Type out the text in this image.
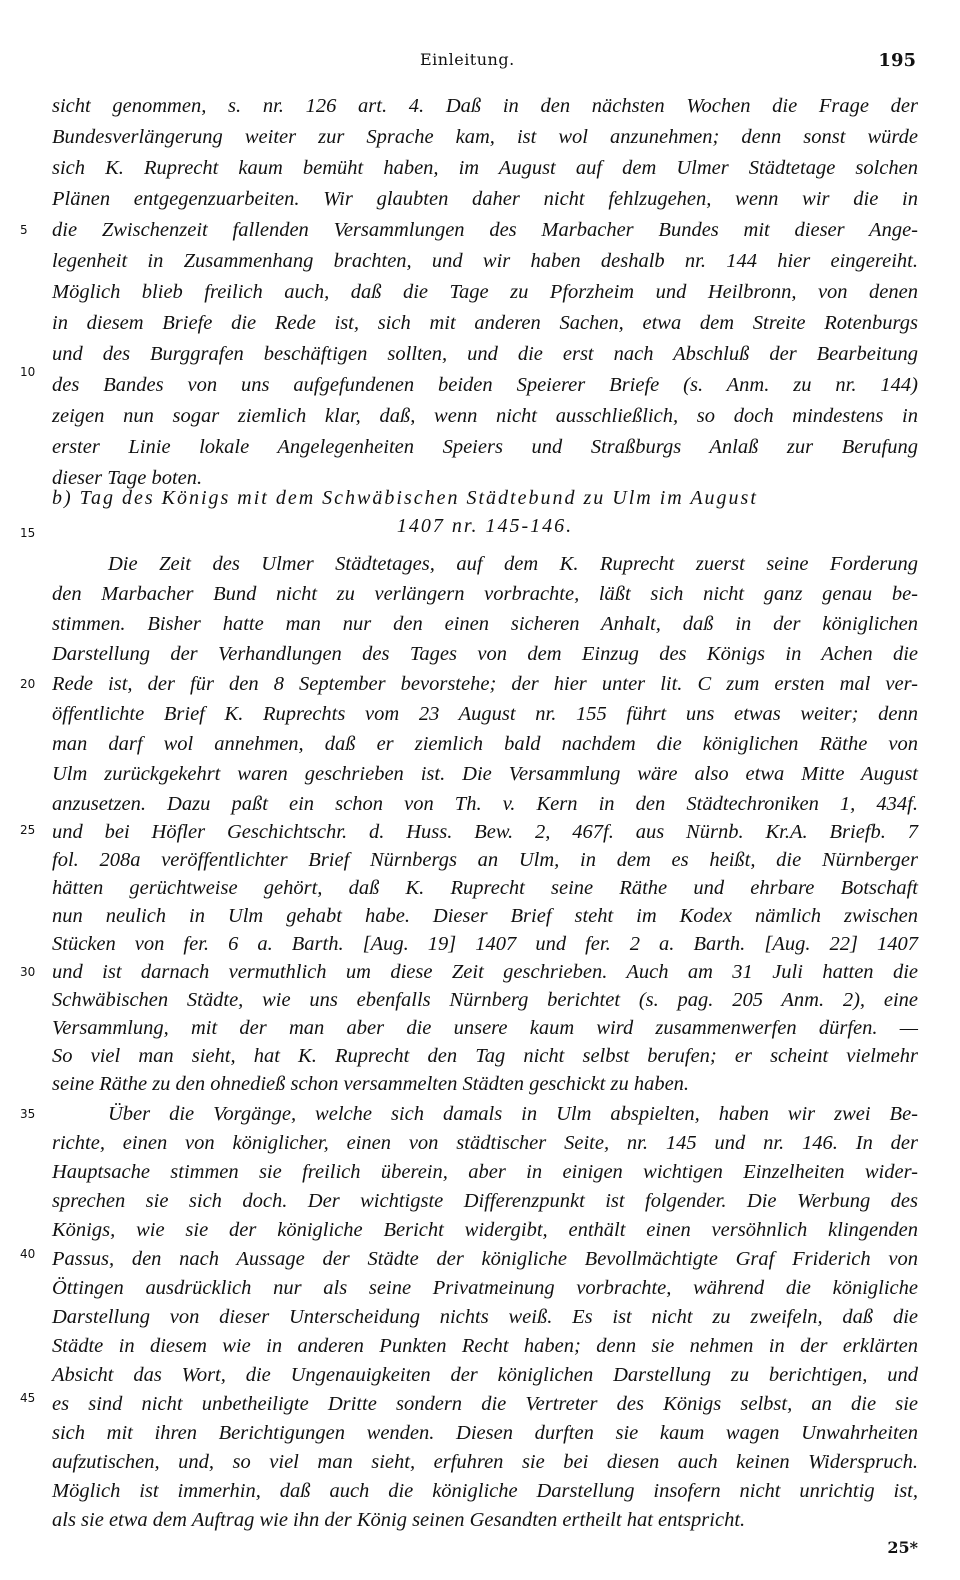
Einleitung.	195
5
10
15
20
25
30
35
40
45
sicht genommen, s. nr. 126 art. 4. Daß in den nächsten Wochen die Frage der
Bundesverlängerung weiter zur Sprache kam, ist wol anzunehmen; denn sonst würde
sich K. Ruprecht kaum bemüht haben, im August auf dem Ulmer Städtetage solchen
Plänen entgegenzuarbeiten. Wir glaubten daher nicht fehlzugehen, wenn wir die in
die Zwischenzeit fallenden Versammlungen des Marbacher Bundes mit dieser Ange-
legenheit in Zusammenhang brachten, und wir haben deshalb nr. 144 hier eingereiht.
Möglich blieb freilich auch, daß die Tage zu Pforzheim und Heilbronn, von denen
in diesem Briefe die Rede ist, sich mit anderen Sachen, etwa dem Streite Rotenburgs
und des Burggrafen beschäftigen sollten, und die erst nach Abschluß der Bearbeitung
des Bandes von uns aufgefundenen beiden Speierer Briefe (s. Anm. zu nr. 144)
zeigen nun sogar ziemlich klar, daß, wenn nicht ausschließlich, so doch mindestens in
erster Linie lokale Angelegenheiten Speiers und Straßburgs Anlaß zur Berufung
dieser Tage boten.
b) Tag des Königs mit dem Schwäbischen Städtebund zu Ulm im August
1407 nr. 145-146.
Die Zeit des Ulmer Städtetages, auf dem K. Ruprecht zuerst seine Forderung
den Marbacher Bund nicht zu verlängern vorbrachte, läßt sich nicht ganz genau be-
stimmen. Bisher hatte man nur den einen sicheren Anhalt, daß in der königlichen
Darstellung der Verhandlungen des Tages von dem Einzug des Königs in Achen die
Rede ist, der für den 8 September bevorstehe; der hier unter lit. C zum ersten mal ver-
öffentlichte Brief K. Ruprechts vom 23 August nr. 155 führt uns etwas weiter; denn
man darf wol annehmen, daß er ziemlich bald nachdem die königlichen Räthe von
Ulm zurückgekehrt waren geschrieben ist. Die Versammlung wäre also etwa Mitte August
anzusetzen. Dazu paßt ein schon von Th. v. Kern in den Städtechroniken 1, 434f.
und bei Höfler Geschichtschr. d. Huss. Bew. 2, 467f. aus Nürnb. Kr.A. Briefb. 7
fol. 208a veröffentlichter Brief Nürnbergs an Ulm, in dem es heißt, die Nürnberger
hätten gerüchtweise gehört, daß K. Ruprecht seine Räthe und ehrbare Botschaft
nun neulich in Ulm gehabt habe. Dieser Brief steht im Kodex nämlich zwischen
Stücken von fer. 6 a. Barth. [Aug. 19] 1407 und fer. 2 a. Barth. [Aug. 22] 1407
und ist darnach vermuthlich um diese Zeit geschrieben. Auch am 31 Juli hatten die
Schwäbischen Städte, wie uns ebenfalls Nürnberg berichtet (s. pag. 205 Anm. 2), eine
Versammlung, mit der man aber die unsere kaum wird zusammenwerfen dürfen. —
So viel man sieht, hat K. Ruprecht den Tag nicht selbst berufen; er scheint vielmehr
seine Räthe zu den ohnedieß schon versammelten Städten geschickt zu haben.
Über die Vorgänge, welche sich damals in Ulm abspielten, haben wir zwei Be-
richte, einen von königlicher, einen von städtischer Seite, nr. 145 und nr. 146. In der
Hauptsache stimmen sie freilich überein, aber in einigen wichtigen Einzelheiten wider-
sprechen sie sich doch. Der wichtigste Differenzpunkt ist folgender. Die Werbung des
Königs, wie sie der königliche Bericht widergibt, enthält einen versöhnlich klingenden
Passus, den nach Aussage der Städte der königliche Bevollmächtigte Graf Friderich von
Öttingen ausdrücklich nur als seine Privatmeinung vorbrachte, während die königliche
Darstellung von dieser Unterscheidung nichts weiß. Es ist nicht zu zweifeln, daß die
Städte in diesem wie in anderen Punkten Recht haben; denn sie nehmen in der erklärten
Absicht das Wort, die Ungenauigkeiten der königlichen Darstellung zu berichtigen, und
es sind nicht unbetheiligte Dritte sondern die Vertreter des Königs selbst, an die sie
sich mit ihren Berichtigungen wenden. Diesen durften sie kaum wagen Unwahrheiten
aufzutischen, und, so viel man sieht, erfuhren sie bei diesen auch keinen Widerspruch.
Möglich ist immerhin, daß auch die königliche Darstellung insofern nicht unrichtig ist,
als sie etwa dem Auftrag wie ihn der König seinen Gesandten ertheilt hat entspricht.
25*
